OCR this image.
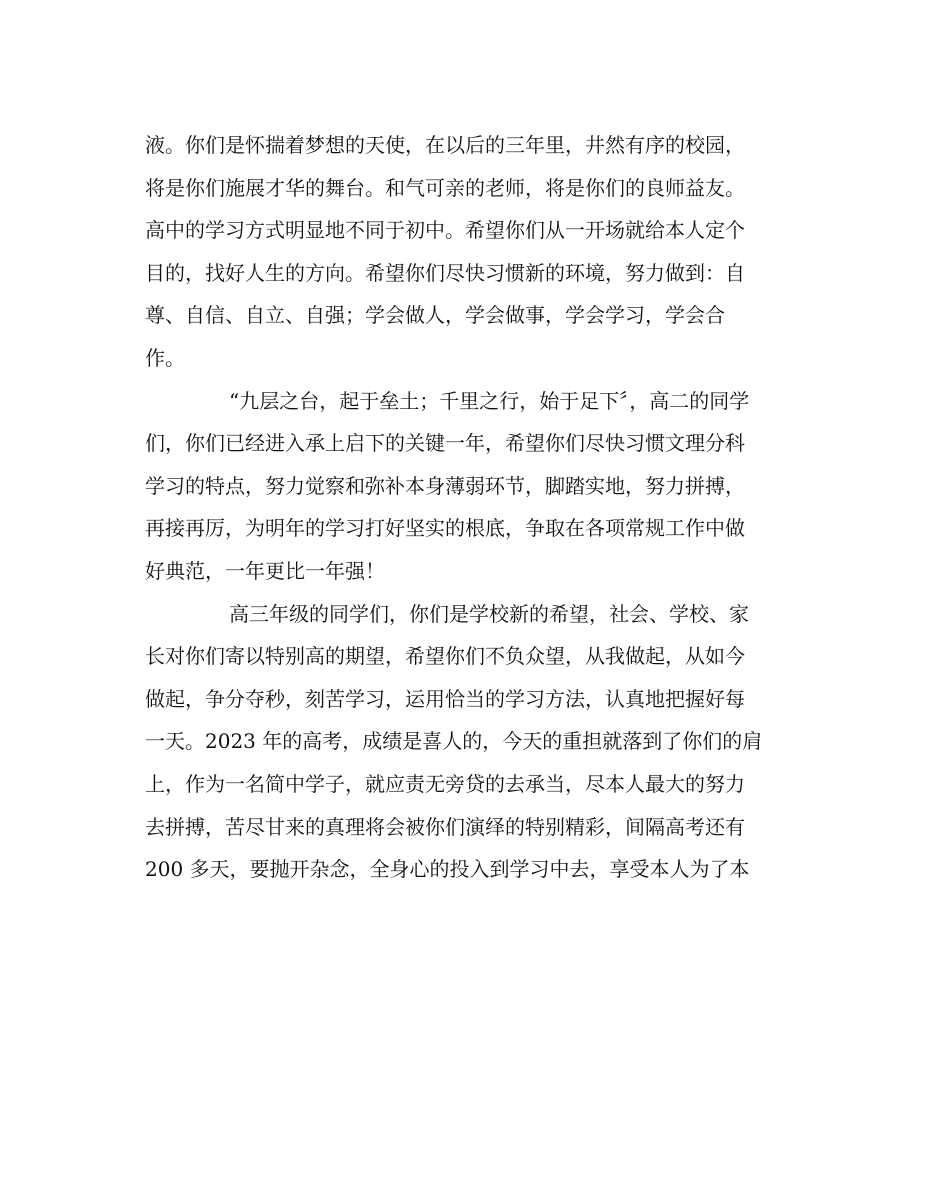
液。你们是怀揣着梦想的天使，在以后的三年里，井然有序的校园，
将是你们施展才华的舞台。和气可亲的老师，将是你们的良师益友。
高中的学习方式明显地不同于初中。希望你们从一开场就给本人定个
目的，找好人生的方向。希望你们尽快习惯新的环境，努力做到：自
尊、自信、自立、自强；学会做人，学会做事，学会学习，学会合
作。
“九层之台，起于垒土；千里之行，始于足下〞，高二的同学
们，你们已经进入承上启下的关键一年，希望你们尽快习惯文理分科
学习的特点，努力觉察和弥补本身薄弱环节，脚踏实地，努力拼搏，
再接再厉，为明年的学习打好坚实的根底，争取在各项常规工作中做
好典范，一年更比一年强！
高三年级的同学们，你们是学校新的希望，社会、学校、家
长对你们寄以特别高的期望，希望你们不负众望，从我做起，从如今
做起，争分夺秒，刻苦学习，运用恰当的学习方法，认真地把握好每
一天。2023 年的高考，成绩是喜人的，今天的重担就落到了你们的肩
上，作为一名简中学子，就应责无旁贷的去承当，尽本人最大的努力
去拼搏，苦尽甘来的真理将会被你们演绎的特别精彩，间隔高考还有
200 多天，要抛开杂念，全身心的投入到学习中去，享受本人为了本
